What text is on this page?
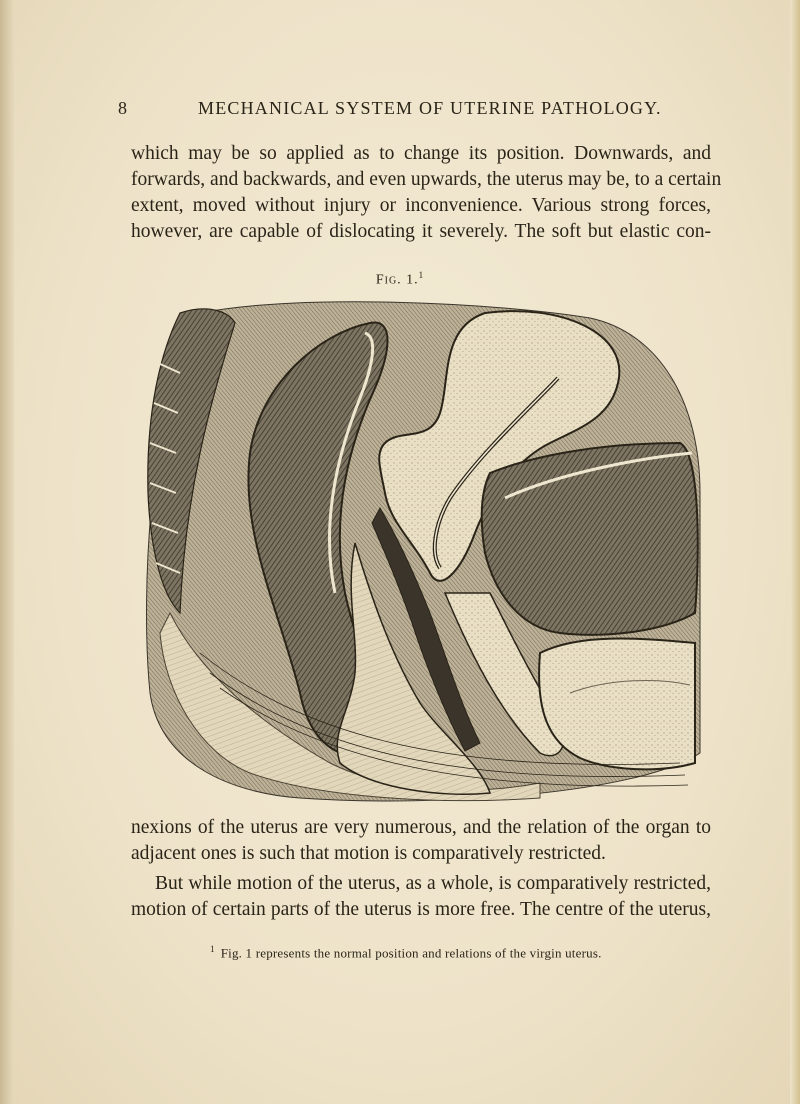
8	MECHANICAL SYSTEM OF UTERINE PATHOLOGY.
which may be so applied as to change its position. Downwards, and
forwards, and backwards, and even upwards, the uterus may be, to a certain
extent, moved without injury or inconvenience. Various strong forces,
however, are capable of dislocating it severely. The soft but elastic con-
Fig. 1.$^1$
nexions of the uterus are very numerous, and the relation of the organ to
adjacent ones is such that motion is comparatively restricted.
But while motion of the uterus, as a whole, is comparatively restricted,
motion of certain parts of the uterus is more free. The centre of the uterus,
$^1$ Fig. 1 represents the normal position and relations of the virgin uterus.
